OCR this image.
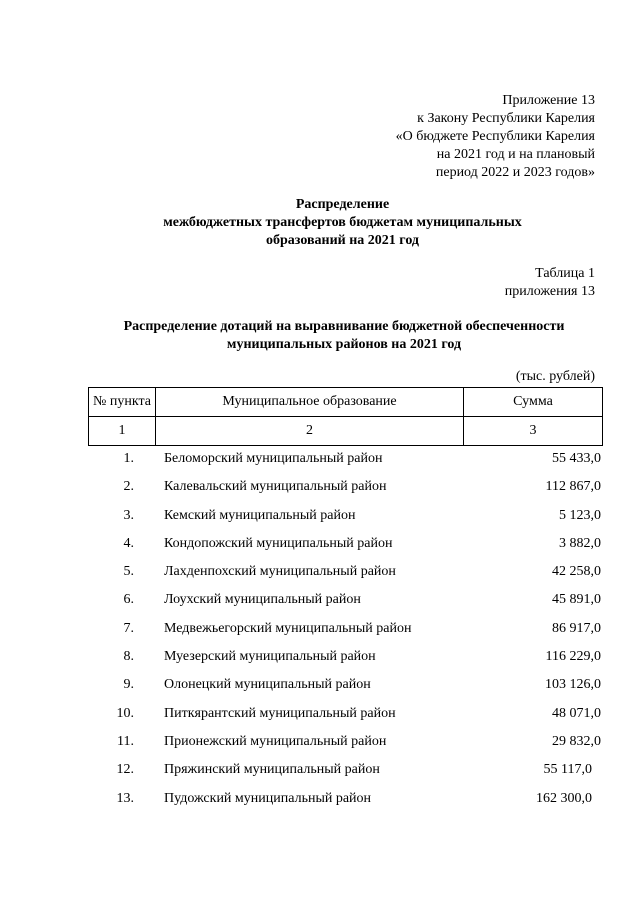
Приложение 13
к Закону Республики Карелия
«О бюджете Республики Карелия
на 2021 год и на плановый
период 2022 и 2023 годов»
Распределение
межбюджетных трансфертов бюджетам муниципальных
образований на 2021 год
Таблица 1
приложения 13
Распределение дотаций на выравнивание бюджетной обеспеченности
муниципальных районов на 2021 год
(тыс. рублей)
№ пункта	Муниципальное образование	Сумма
1	2	3
1. Беломорский муниципальный район	55 433,0
2. Калевальский муниципальный район	112 867,0
3. Кемский муниципальный район	5 123,0
4. Кондопожский муниципальный район	3 882,0
5. Лахденпохский муниципальный район	42 258,0
6. Лоухский муниципальный район	45 891,0
7. Медвежьегорский муниципальный район	86 917,0
8. Муезерский муниципальный район	116 229,0
9. Олонецкий муниципальный район	103 126,0
10. Питкярантский муниципальный район	48 071,0
11. Прионежский муниципальный район	29 832,0
12. Пряжинский муниципальный район	55 117,0
13. Пудожский муниципальный район	162 300,0
